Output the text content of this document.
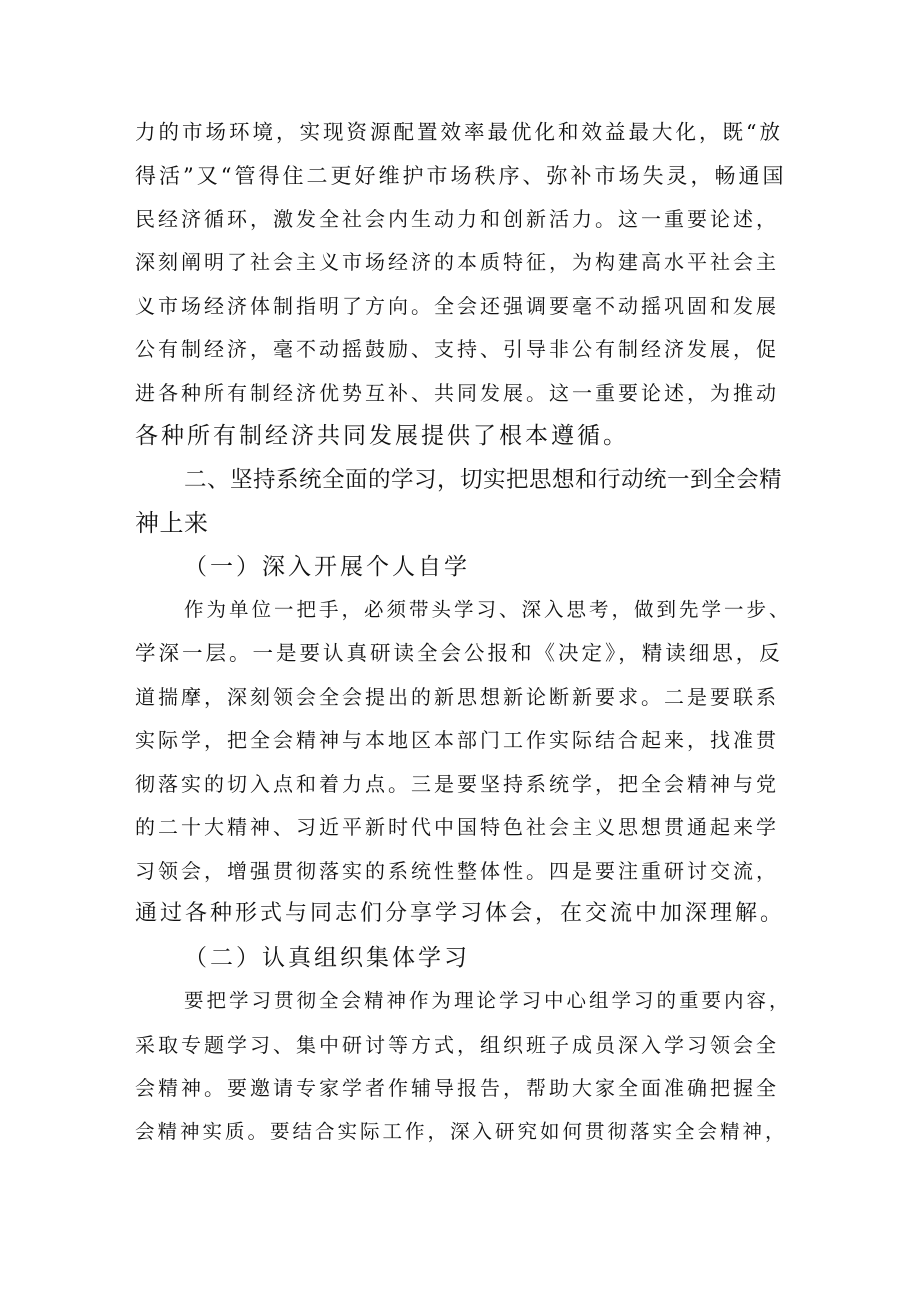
力的市场环境，实现资源配置效率最优化和效益最大化，既“放
得活”又“管得住二更好维护市场秩序、弥补市场失灵，畅通国
民经济循环，激发全社会内生动力和创新活力。这一重要论述，
深刻阐明了社会主义市场经济的本质特征，为构建高水平社会主
义市场经济体制指明了方向。全会还强调要毫不动摇巩固和发展
公有制经济，毫不动摇鼓励、支持、引导非公有制经济发展，促
进各种所有制经济优势互补、共同发展。这一重要论述，为推动
各种所有制经济共同发展提供了根本遵循。
二、坚持系统全面的学习，切实把思想和行动统一到全会精
神上来
（一）深入开展个人自学
作为单位一把手，必须带头学习、深入思考，做到先学一步、
学深一层。一是要认真研读全会公报和《决定》，精读细思，反
道揣摩，深刻领会全会提出的新思想新论断新要求。二是要联系
实际学，把全会精神与本地区本部门工作实际结合起来，找准贯
彻落实的切入点和着力点。三是要坚持系统学，把全会精神与党
的二十大精神、习近平新时代中国特色社会主义思想贯通起来学
习领会，增强贯彻落实的系统性整体性。四是要注重研讨交流，
通过各种形式与同志们分享学习体会，在交流中加深理解。
（二）认真组织集体学习
要把学习贯彻全会精神作为理论学习中心组学习的重要内容，
采取专题学习、集中研讨等方式，组织班子成员深入学习领会全
会精神。要邀请专家学者作辅导报告，帮助大家全面准确把握全
会精神实质。要结合实际工作，深入研究如何贯彻落实全会精神，
